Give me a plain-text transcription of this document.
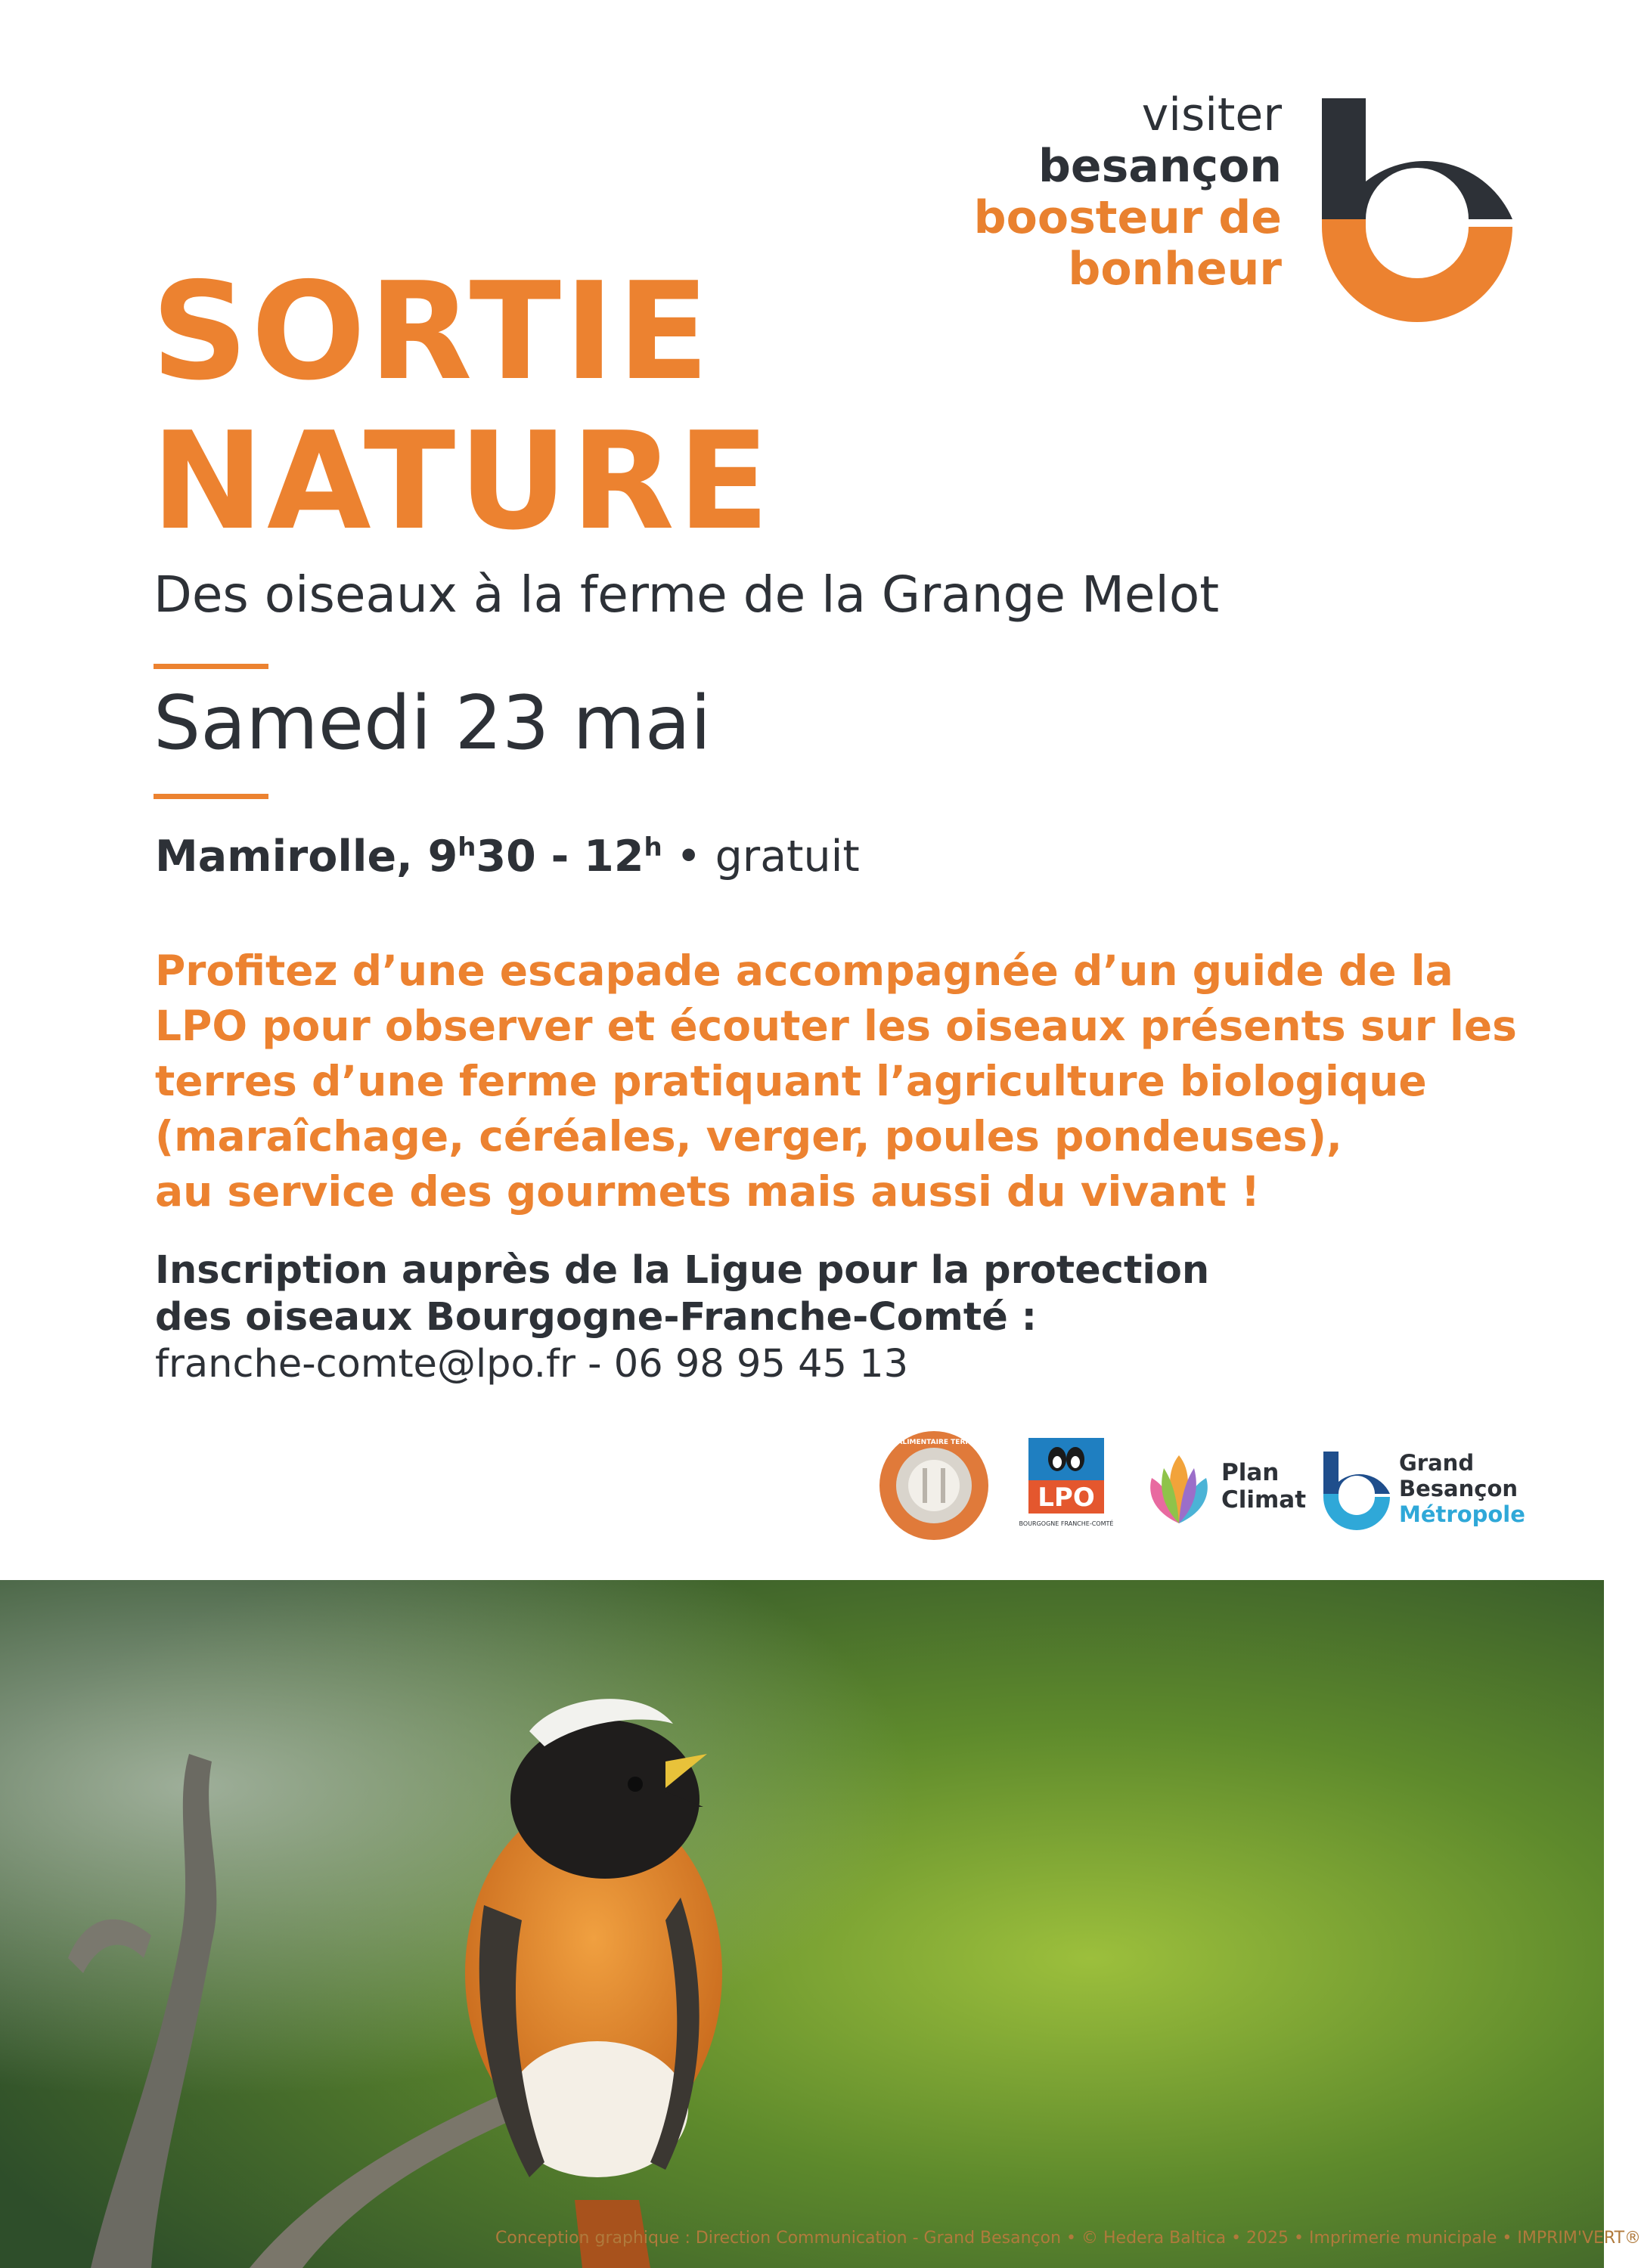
visiter
besançon
boosteur de
bonheur
SORTIE
NATURE
Des oiseaux à la ferme de la Grange Melot
Samedi 23 mai
Mamirolle, 9$^h$30 - 12$^h$ • gratuit
Profitez d’une escapade accompagnée d’un guide de la
LPO pour observer et écouter les oiseaux présents sur les
terres d’une ferme pratiquant l’agriculture biologique
(maraîchage, céréales, verger, poules pondeuses),
au service des gourmets mais aussi du vivant !
Inscription auprès de la Ligue pour la protection
des oiseaux Bourgogne-Franche-Comté :
franche-comte@lpo.fr - 06 98 95 45 13
PROJET ALIMENTAIRE TERRITORIAL
LPO
BOURGOGNE FRANCHE-COMTÉ
Plan
Climat
Grand
Besançon
Métropole
Conception graphique : Direction Communication - Grand Besançon • © Hedera Baltica • 2025 • Imprimerie municipale • IMPRIM'VERT®
